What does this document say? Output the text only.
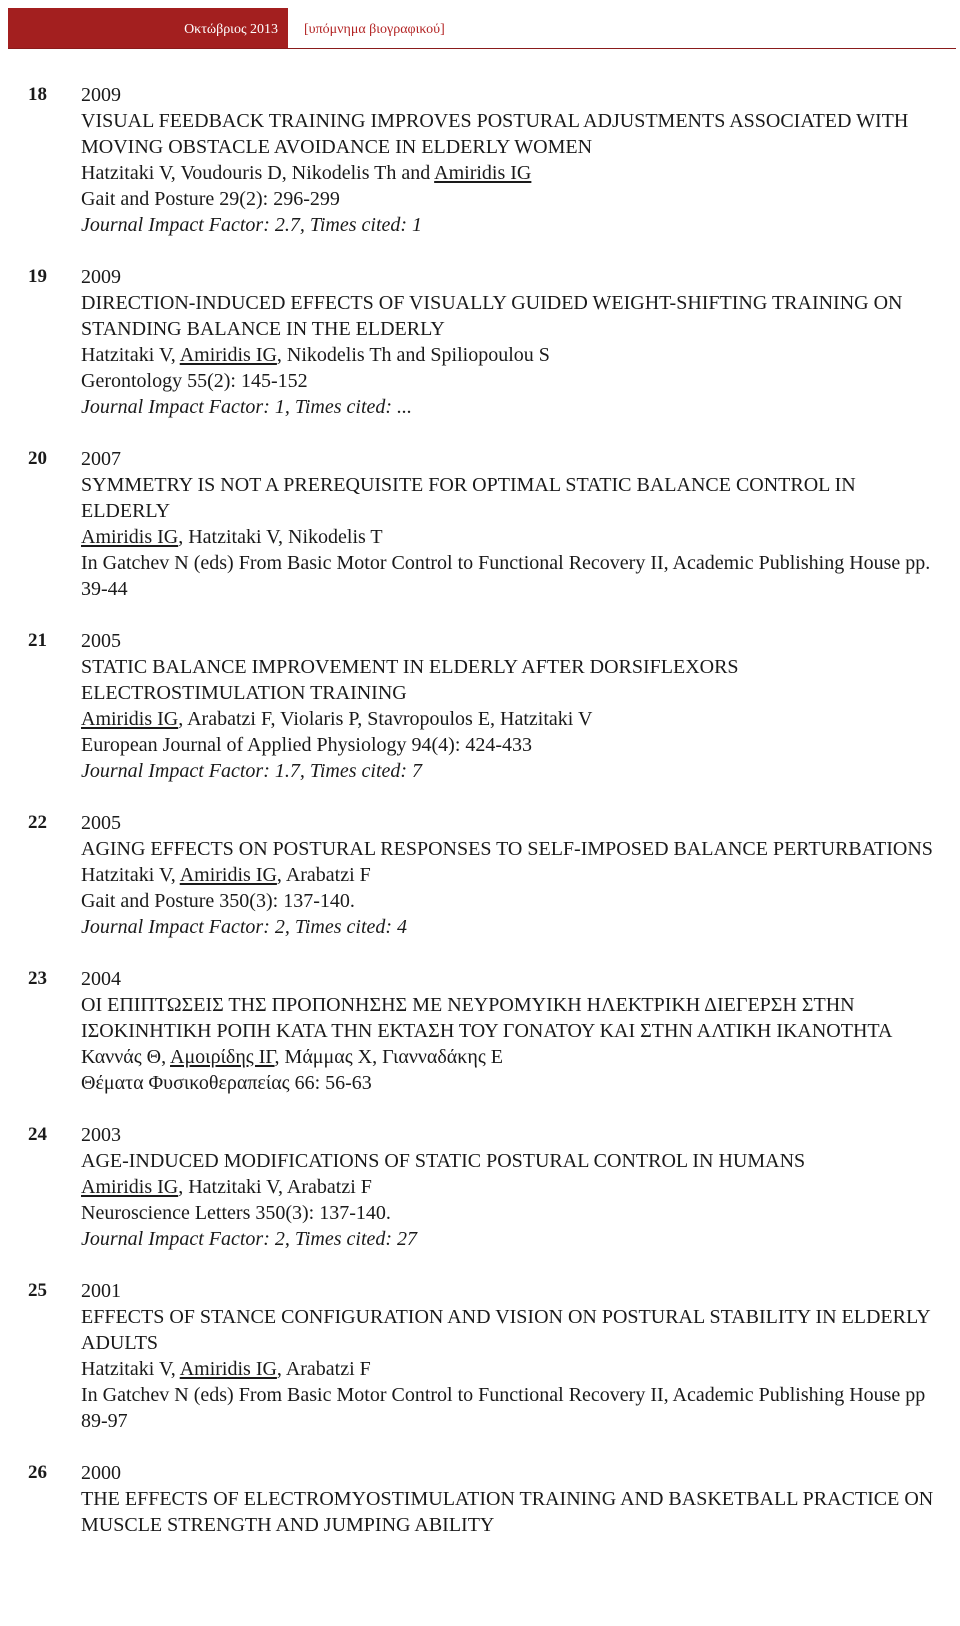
Οκτώβριος 2013	[υπόμνημα βιογραφικού]
18 2009
VISUAL FEEDBACK TRAINING IMPROVES POSTURAL ADJUSTMENTS ASSOCIATED WITH MOVING OBSTACLE AVOIDANCE IN ELDERLY WOMEN
Hatzitaki V, Voudouris D, Nikodelis Th and Amiridis IG
Gait and Posture 29(2): 296-299
Journal Impact Factor: 2.7, Times cited: 1
19 2009
DIRECTION-INDUCED EFFECTS OF VISUALLY GUIDED WEIGHT-SHIFTING TRAINING ON STANDING BALANCE IN THE ELDERLY
Hatzitaki V, Amiridis IG, Nikodelis Th and Spiliopoulou S
Gerontology 55(2): 145-152
Journal Impact Factor: 1, Times cited: ...
20 2007
SYMMETRY IS NOT A PREREQUISITE FOR OPTIMAL STATIC BALANCE CONTROL IN ELDERLY
Amiridis IG, Hatzitaki V, Nikodelis T
In Gatchev N (eds) From Basic Motor Control to Functional Recovery II, Academic Publishing House pp. 39-44
21 2005
STATIC BALANCE IMPROVEMENT IN ELDERLY AFTER DORSIFLEXORS ELECTROSTIMULATION TRAINING
Amiridis IG, Arabatzi F, Violaris P, Stavropoulos E, Hatzitaki V
European Journal of Applied Physiology 94(4): 424-433
Journal Impact Factor: 1.7, Times cited: 7
22 2005
AGING EFFECTS ON POSTURAL RESPONSES TO SELF-IMPOSED BALANCE PERTURBATIONS
Hatzitaki V, Amiridis IG, Arabatzi F
Gait and Posture 350(3): 137-140.
Journal Impact Factor: 2, Times cited: 4
23 2004
ΟΙ ΕΠΙΠΤΩΣΕΙΣ ΤΗΣ ΠΡΟΠΟΝΗΣΗΣ ΜΕ ΝΕΥΡΟΜΥΙΚΗ ΗΛΕΚΤΡΙΚΗ ΔΙΕΓΕΡΣΗ ΣΤΗΝ ΙΣΟΚΙΝΗΤΙΚΗ ΡΟΠΗ ΚΑΤΑ ΤΗΝ ΕΚΤΑΣΗ ΤΟΥ ΓΟΝΑΤΟΥ ΚΑΙ ΣΤΗΝ ΑΛΤΙΚΗ ΙΚΑΝΟΤΗΤΑ
Καννάς Θ, Αμοιρίδης ΙΓ, Μάμμας Χ, Γιανναδάκης Ε
Θέματα Φυσικοθεραπείας 66: 56-63
24 2003
AGE-INDUCED MODIFICATIONS OF STATIC POSTURAL CONTROL IN HUMANS
Amiridis IG, Hatzitaki V, Arabatzi F
Neuroscience Letters 350(3): 137-140.
Journal Impact Factor: 2, Times cited: 27
25 2001
EFFECTS OF STANCE CONFIGURATION AND VISION ON POSTURAL STABILITY IN ELDERLY ADULTS
Hatzitaki V, Amiridis IG, Arabatzi F
In Gatchev N (eds) From Basic Motor Control to Functional Recovery II, Academic Publishing House pp 89-97
26 2000
THE EFFECTS OF ELECTROMYOSTIMULATION TRAINING AND BASKETBALL PRACTICE ON MUSCLE STRENGTH AND JUMPING ABILITY
